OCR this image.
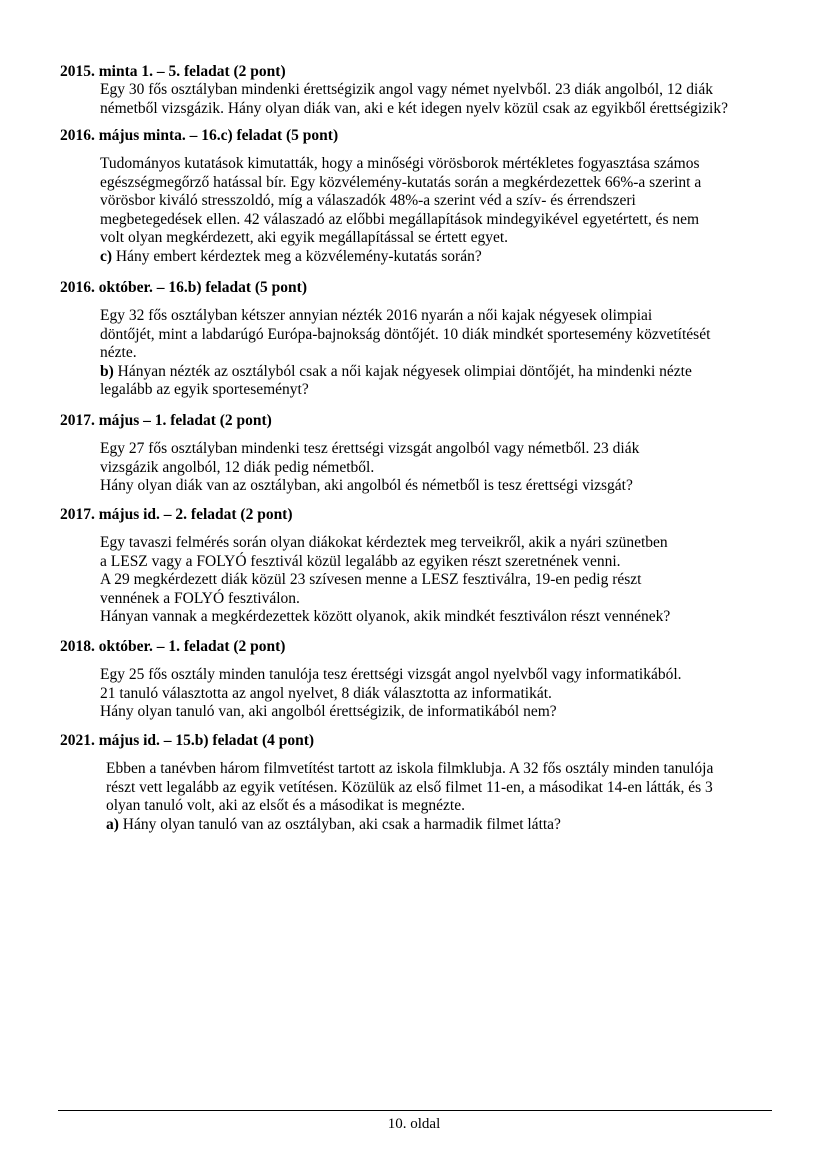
2015. minta 1. – 5. feladat (2 pont)
Egy 30 fős osztályban mindenki érettségizik angol vagy német nyelvből. 23 diák angolból, 12 diák
németből vizsgázik. Hány olyan diák van, aki e két idegen nyelv közül csak az egyikből érettségizik?
2016. május minta. – 16.c) feladat (5 pont)
Tudományos kutatások kimutatták, hogy a minőségi vörösborok mértékletes fogyasztása számos
egészségmegőrző hatással bír. Egy közvélemény-kutatás során a megkérdezettek 66%-a szerint a
vörösbor kiváló stresszoldó, míg a válaszadók 48%-a szerint véd a szív- és érrendszeri
megbetegedések ellen. 42 válaszadó az előbbi megállapítások mindegyikével egyetértett, és nem
volt olyan megkérdezett, aki egyik megállapítással se értett egyet.
c) Hány embert kérdeztek meg a közvélemény-kutatás során?
2016. október. – 16.b) feladat (5 pont)
Egy 32 fős osztályban kétszer annyian nézték 2016 nyarán a női kajak négyesek olimpiai
döntőjét, mint a labdarúgó Európa-bajnokság döntőjét. 10 diák mindkét sportesemény közvetítését
nézte.
b) Hányan nézték az osztályból csak a női kajak négyesek olimpiai döntőjét, ha mindenki nézte
legalább az egyik sporteseményt?
2017. május – 1. feladat (2 pont)
Egy 27 fős osztályban mindenki tesz érettségi vizsgát angolból vagy németből. 23 diák
vizsgázik angolból, 12 diák pedig németből.
Hány olyan diák van az osztályban, aki angolból és németből is tesz érettségi vizsgát?
2017. május id. – 2. feladat (2 pont)
Egy tavaszi felmérés során olyan diákokat kérdeztek meg terveikről, akik a nyári szünetben
a LESZ vagy a FOLYÓ fesztivál közül legalább az egyiken részt szeretnének venni.
A 29 megkérdezett diák közül 23 szívesen menne a LESZ fesztiválra, 19-en pedig részt
vennének a FOLYÓ fesztiválon.
Hányan vannak a megkérdezettek között olyanok, akik mindkét fesztiválon részt vennének?
2018. október. – 1. feladat (2 pont)
Egy 25 fős osztály minden tanulója tesz érettségi vizsgát angol nyelvből vagy informatikából.
21 tanuló választotta az angol nyelvet, 8 diák választotta az informatikát.
Hány olyan tanuló van, aki angolból érettségizik, de informatikából nem?
2021. május id. – 15.b) feladat (4 pont)
Ebben a tanévben három filmvetítést tartott az iskola filmklubja. A 32 fős osztály minden tanulója
részt vett legalább az egyik vetítésen. Közülük az első filmet 11-en, a másodikat 14-en látták, és 3
olyan tanuló volt, aki az elsőt és a másodikat is megnézte.
a) Hány olyan tanuló van az osztályban, aki csak a harmadik filmet látta?
10. oldal
